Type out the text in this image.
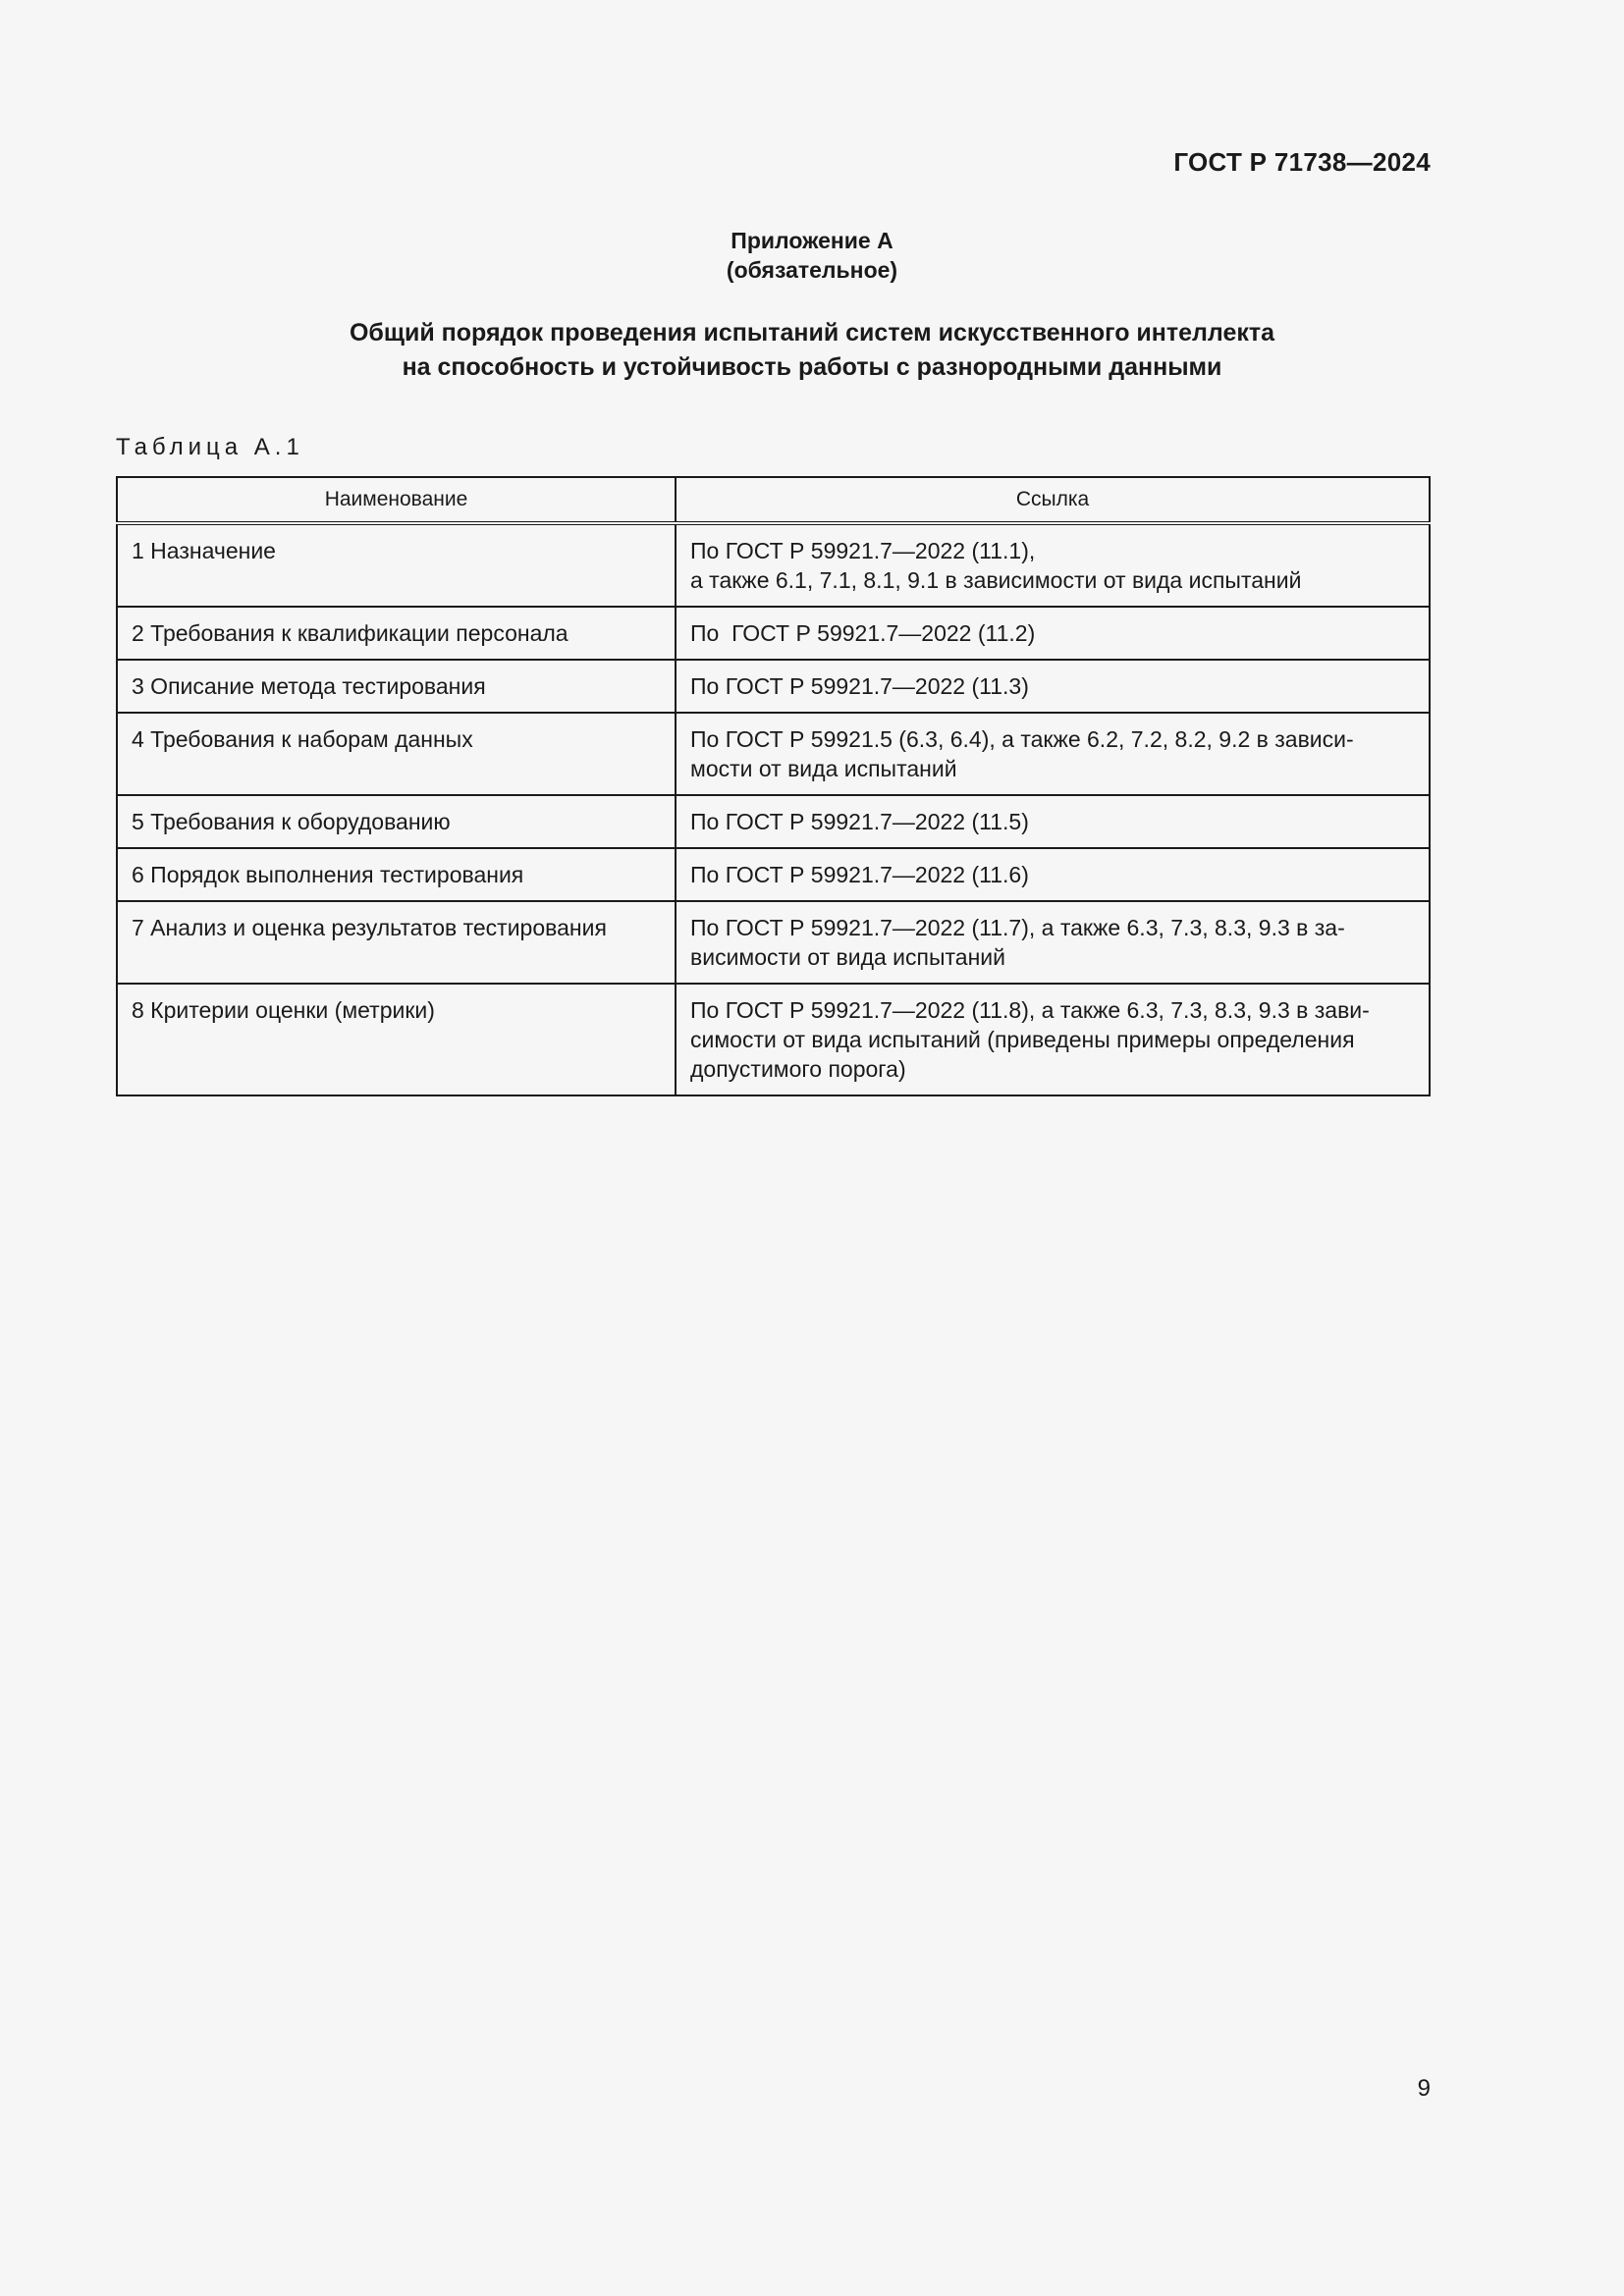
ГОСТ Р 71738—2024
Приложение А
(обязательное)
Общий порядок проведения испытаний систем искусственного интеллекта
на способность и устойчивость работы с разнородными данными
Таблица А.1
Наименование	Ссылка
1 Назначение	По ГОСТ Р 59921.7—2022 (11.1),
а также 6.1, 7.1, 8.1, 9.1 в зависимости от вида испытаний

2 Требования к квалификации персонала	По  ГОСТ Р 59921.7—2022 (11.2)

3 Описание метода тестирования	По ГОСТ Р 59921.7—2022 (11.3)

4 Требования к наборам данных	По ГОСТ Р 59921.5 (6.3, 6.4), а также 6.2, 7.2, 8.2, 9.2 в зависи-
мости от вида испытаний

5 Требования к оборудованию	По ГОСТ Р 59921.7—2022 (11.5)

6 Порядок выполнения тестирования	По ГОСТ Р 59921.7—2022 (11.6)

7 Анализ и оценка результатов тестирования	По ГОСТ Р 59921.7—2022 (11.7), а также 6.3, 7.3, 8.3, 9.3 в за-
висимости от вида испытаний

8 Критерии оценки (метрики)	По ГОСТ Р 59921.7—2022 (11.8), а также 6.3, 7.3, 8.3, 9.3 в зави-
симости от вида испытаний (приведены примеры определения
допустимого порога)
9
